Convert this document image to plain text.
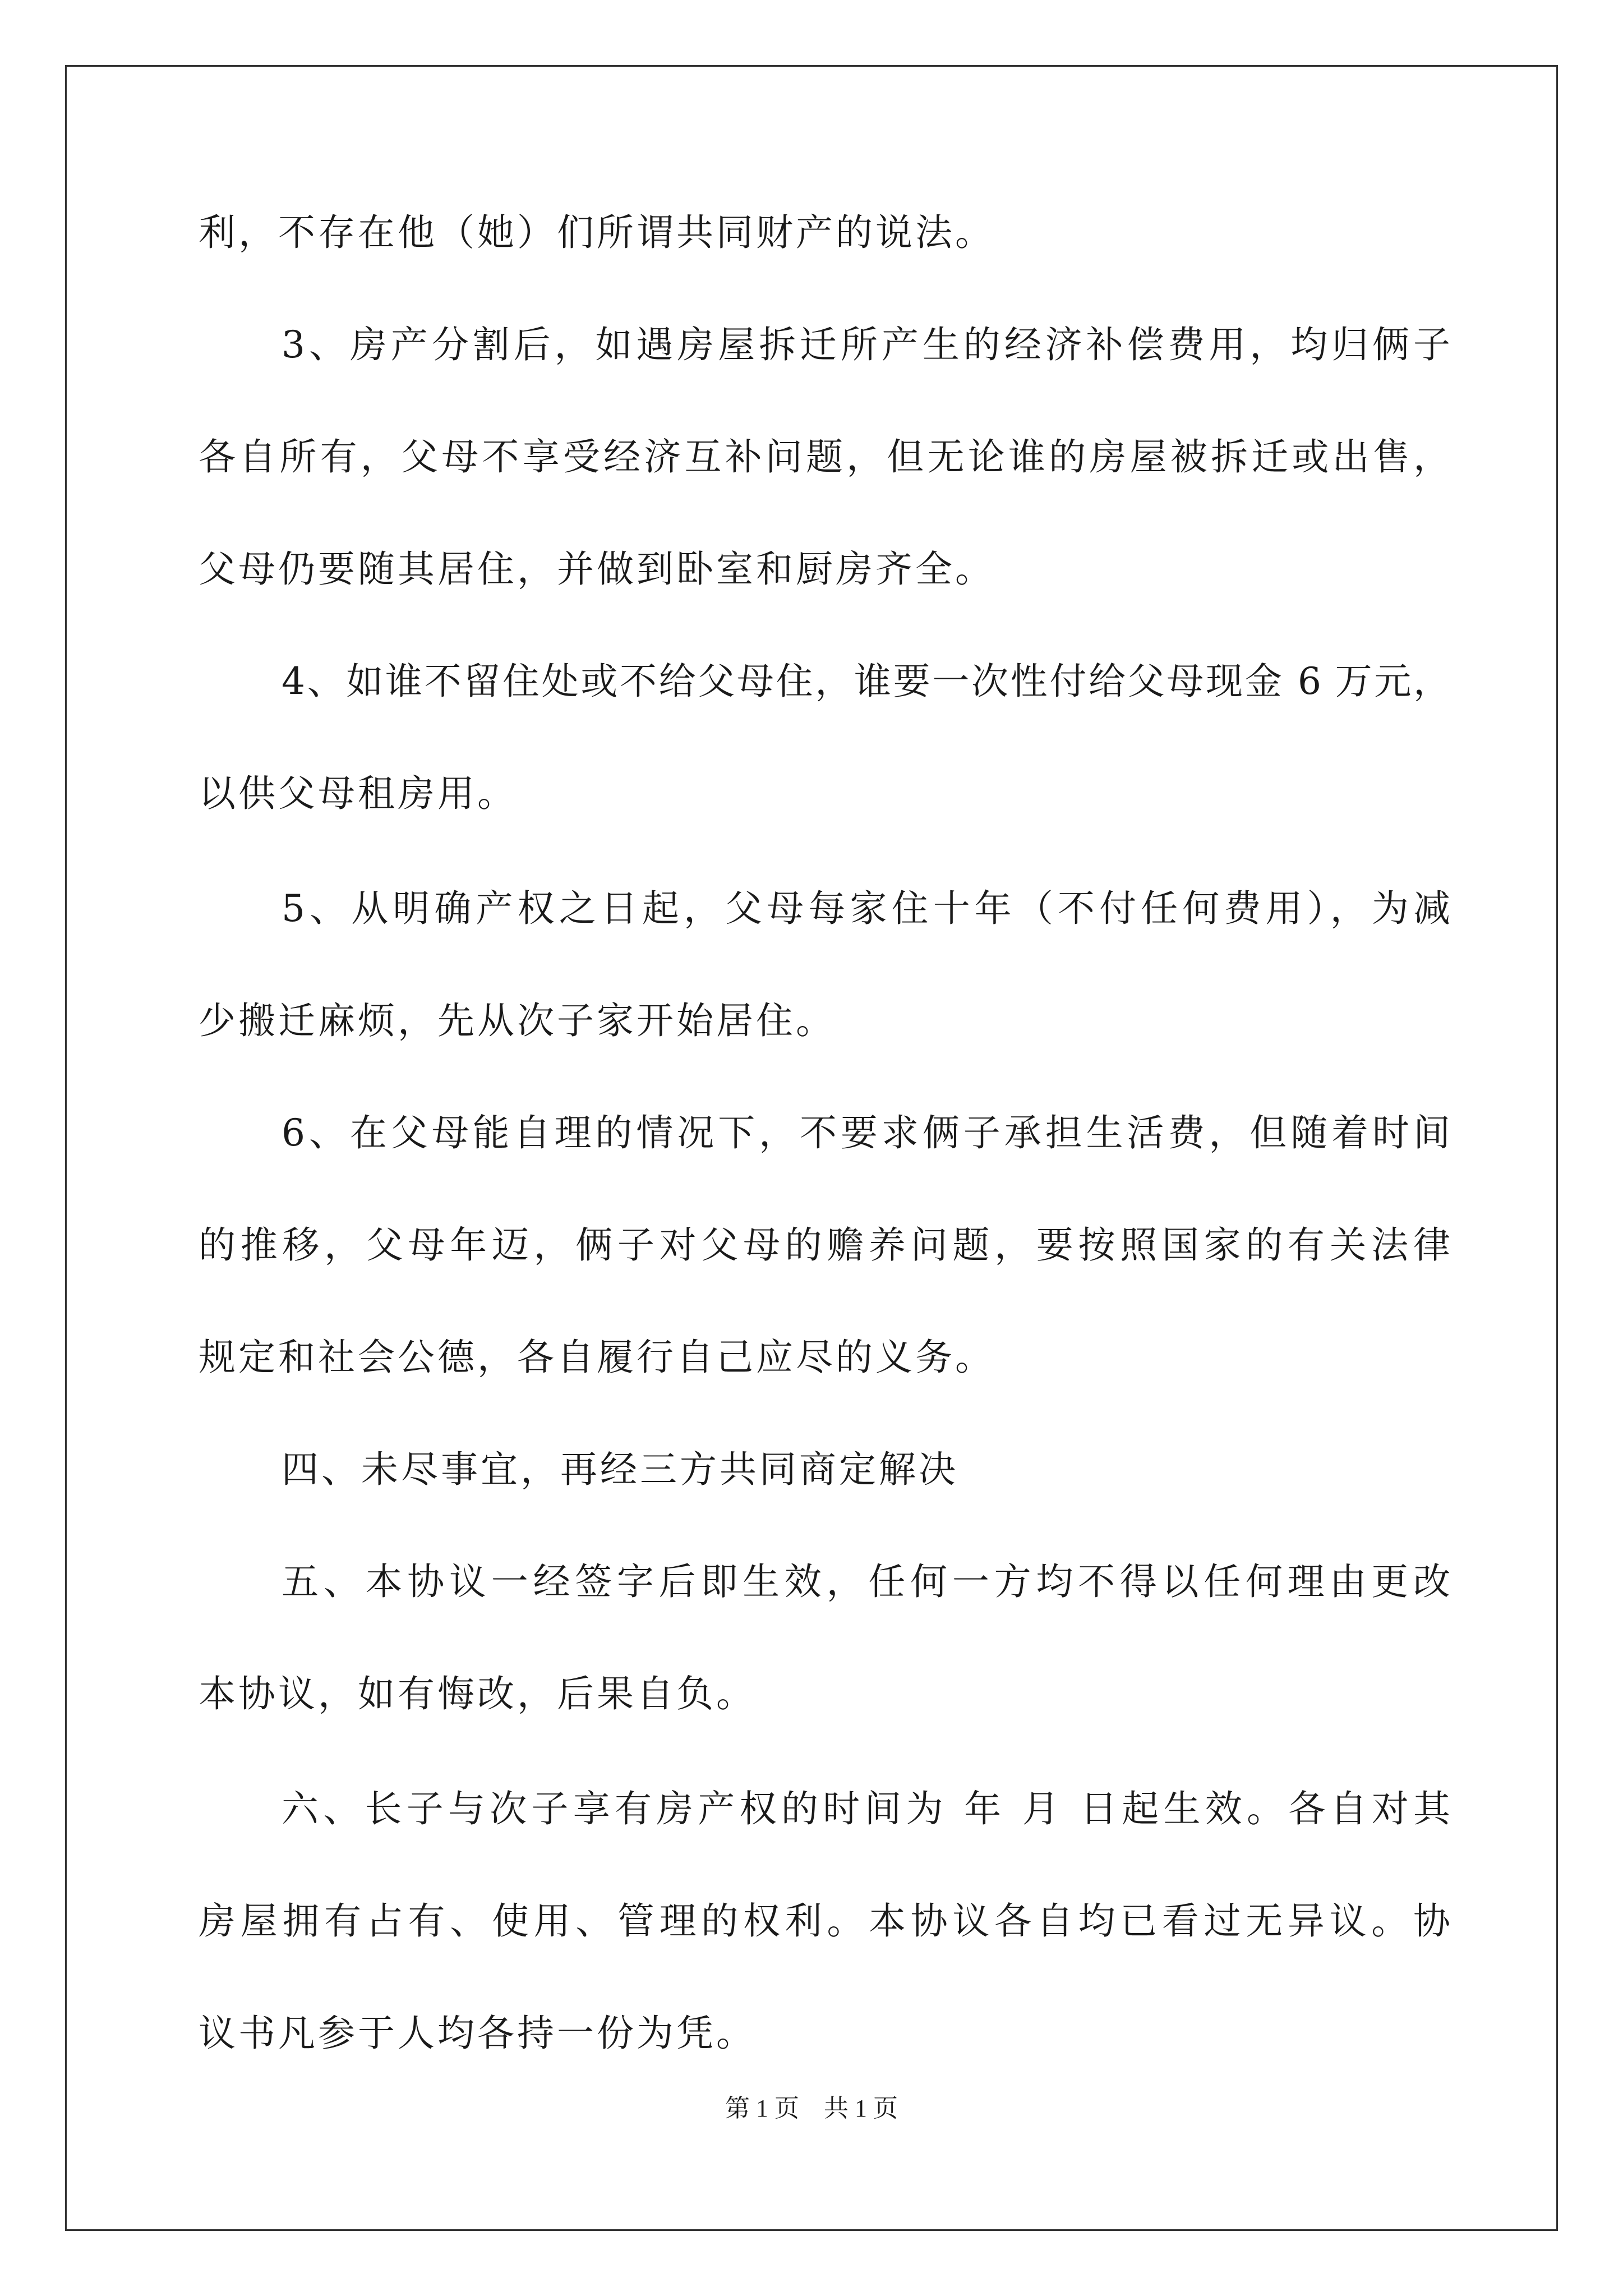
利，不存在他（她）们所谓共同财产的说法。
3、房产分割后，如遇房屋拆迁所产生的经济补偿费用，均归俩子
各自所有，父母不享受经济互补问题，但无论谁的房屋被拆迁或出售，
父母仍要随其居住，并做到卧室和厨房齐全。
4、如谁不留住处或不给父母住，谁要一次性付给父母现金 6 万元，
以供父母租房用。
5、从明确产权之日起，父母每家住十年（不付任何费用），为减
少搬迁麻烦，先从次子家开始居住。
6、在父母能自理的情况下，不要求俩子承担生活费，但随着时间
的推移，父母年迈，俩子对父母的赡养问题，要按照国家的有关法律
规定和社会公德，各自履行自己应尽的义务。
四、未尽事宜，再经三方共同商定解决
五、本协议一经签字后即生效，任何一方均不得以任何理由更改
本协议，如有悔改，后果自负。
六、长子与次子享有房产权的时间为 年 月 日起生效。各自对其
房屋拥有占有、使用、管理的权利。本协议各自均已看过无异议。协
议书凡参于人均各持一份为凭。
第 1 页    共 1 页
